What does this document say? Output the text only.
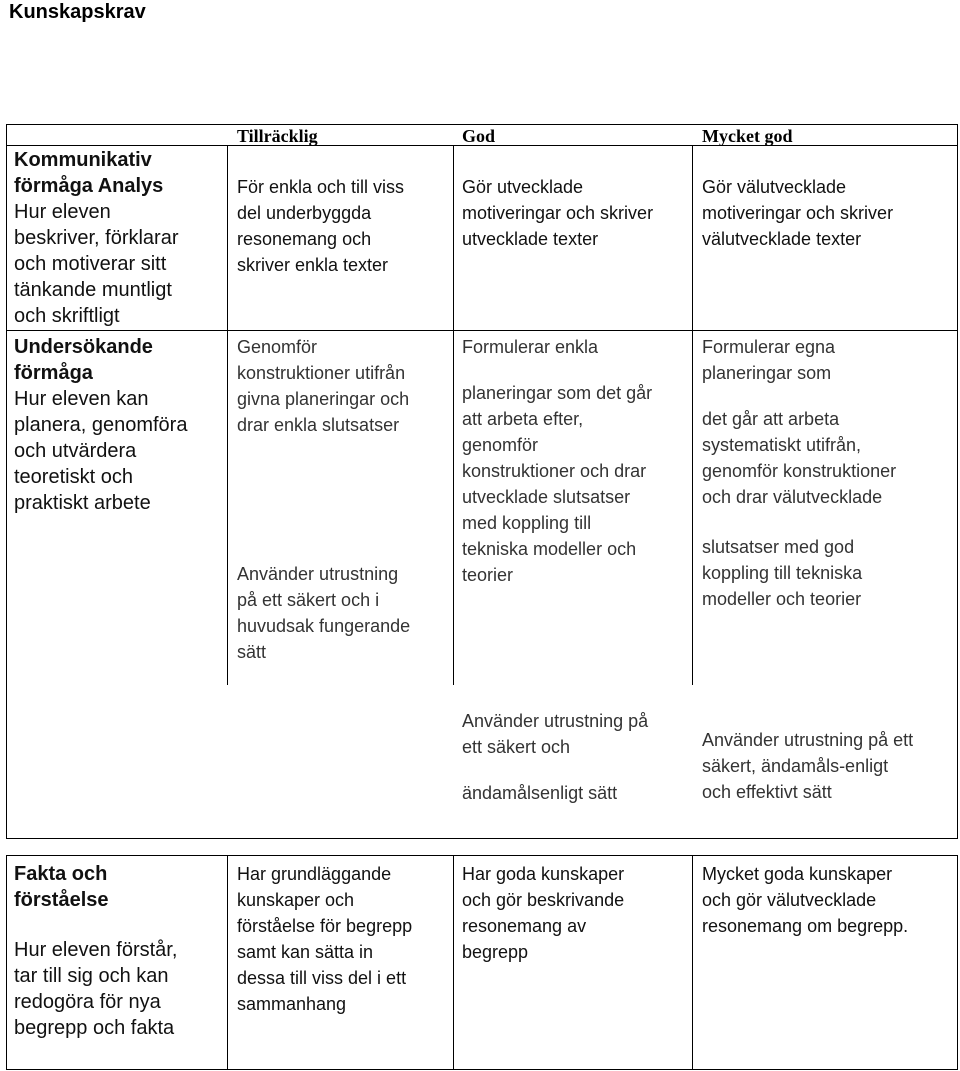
Kunskapskrav
Tillräcklig	God	Mycket god
Kommunikativ
förmåga Analys
Hur eleven
beskriver, förklarar
och motiverar sitt
tänkande muntligt
och skriftligt
För enkla och till viss
del underbyggda
resonemang och
skriver enkla texter
Gör utvecklade
motiveringar och skriver
utvecklade texter
Gör välutvecklade
motiveringar och skriver
välutvecklade texter
Undersökande
förmåga
Hur eleven kan
planera, genomföra
och utvärdera
teoretiskt och
praktiskt arbete
Genomför
konstruktioner utifrån
givna planeringar och
drar enkla slutsatser
Använder utrustning
på ett säkert och i
huvudsak fungerande
sätt
Formulerar enkla
planeringar som det går
att arbeta efter,
genomför
konstruktioner och drar
utvecklade slutsatser
med koppling till
tekniska modeller och
teorier
Använder utrustning på
ett säkert och
ändamålsenligt sätt
Formulerar egna
planeringar som
det går att arbeta
systematiskt utifrån,
genomför konstruktioner
och drar välutvecklade
slutsatser med god
koppling till tekniska
modeller och teorier
Använder utrustning på ett
säkert, ändamåls-enligt
och effektivt sätt
Fakta och
förståelse
Hur eleven förstår,
tar till sig och kan
redogöra för nya
begrepp och fakta
Har grundläggande
kunskaper och
förståelse för begrepp
samt kan sätta in
dessa till viss del i ett
sammanhang
Har goda kunskaper
och gör beskrivande
resonemang av
begrepp
Mycket goda kunskaper
och gör välutvecklade
resonemang om begrepp.
